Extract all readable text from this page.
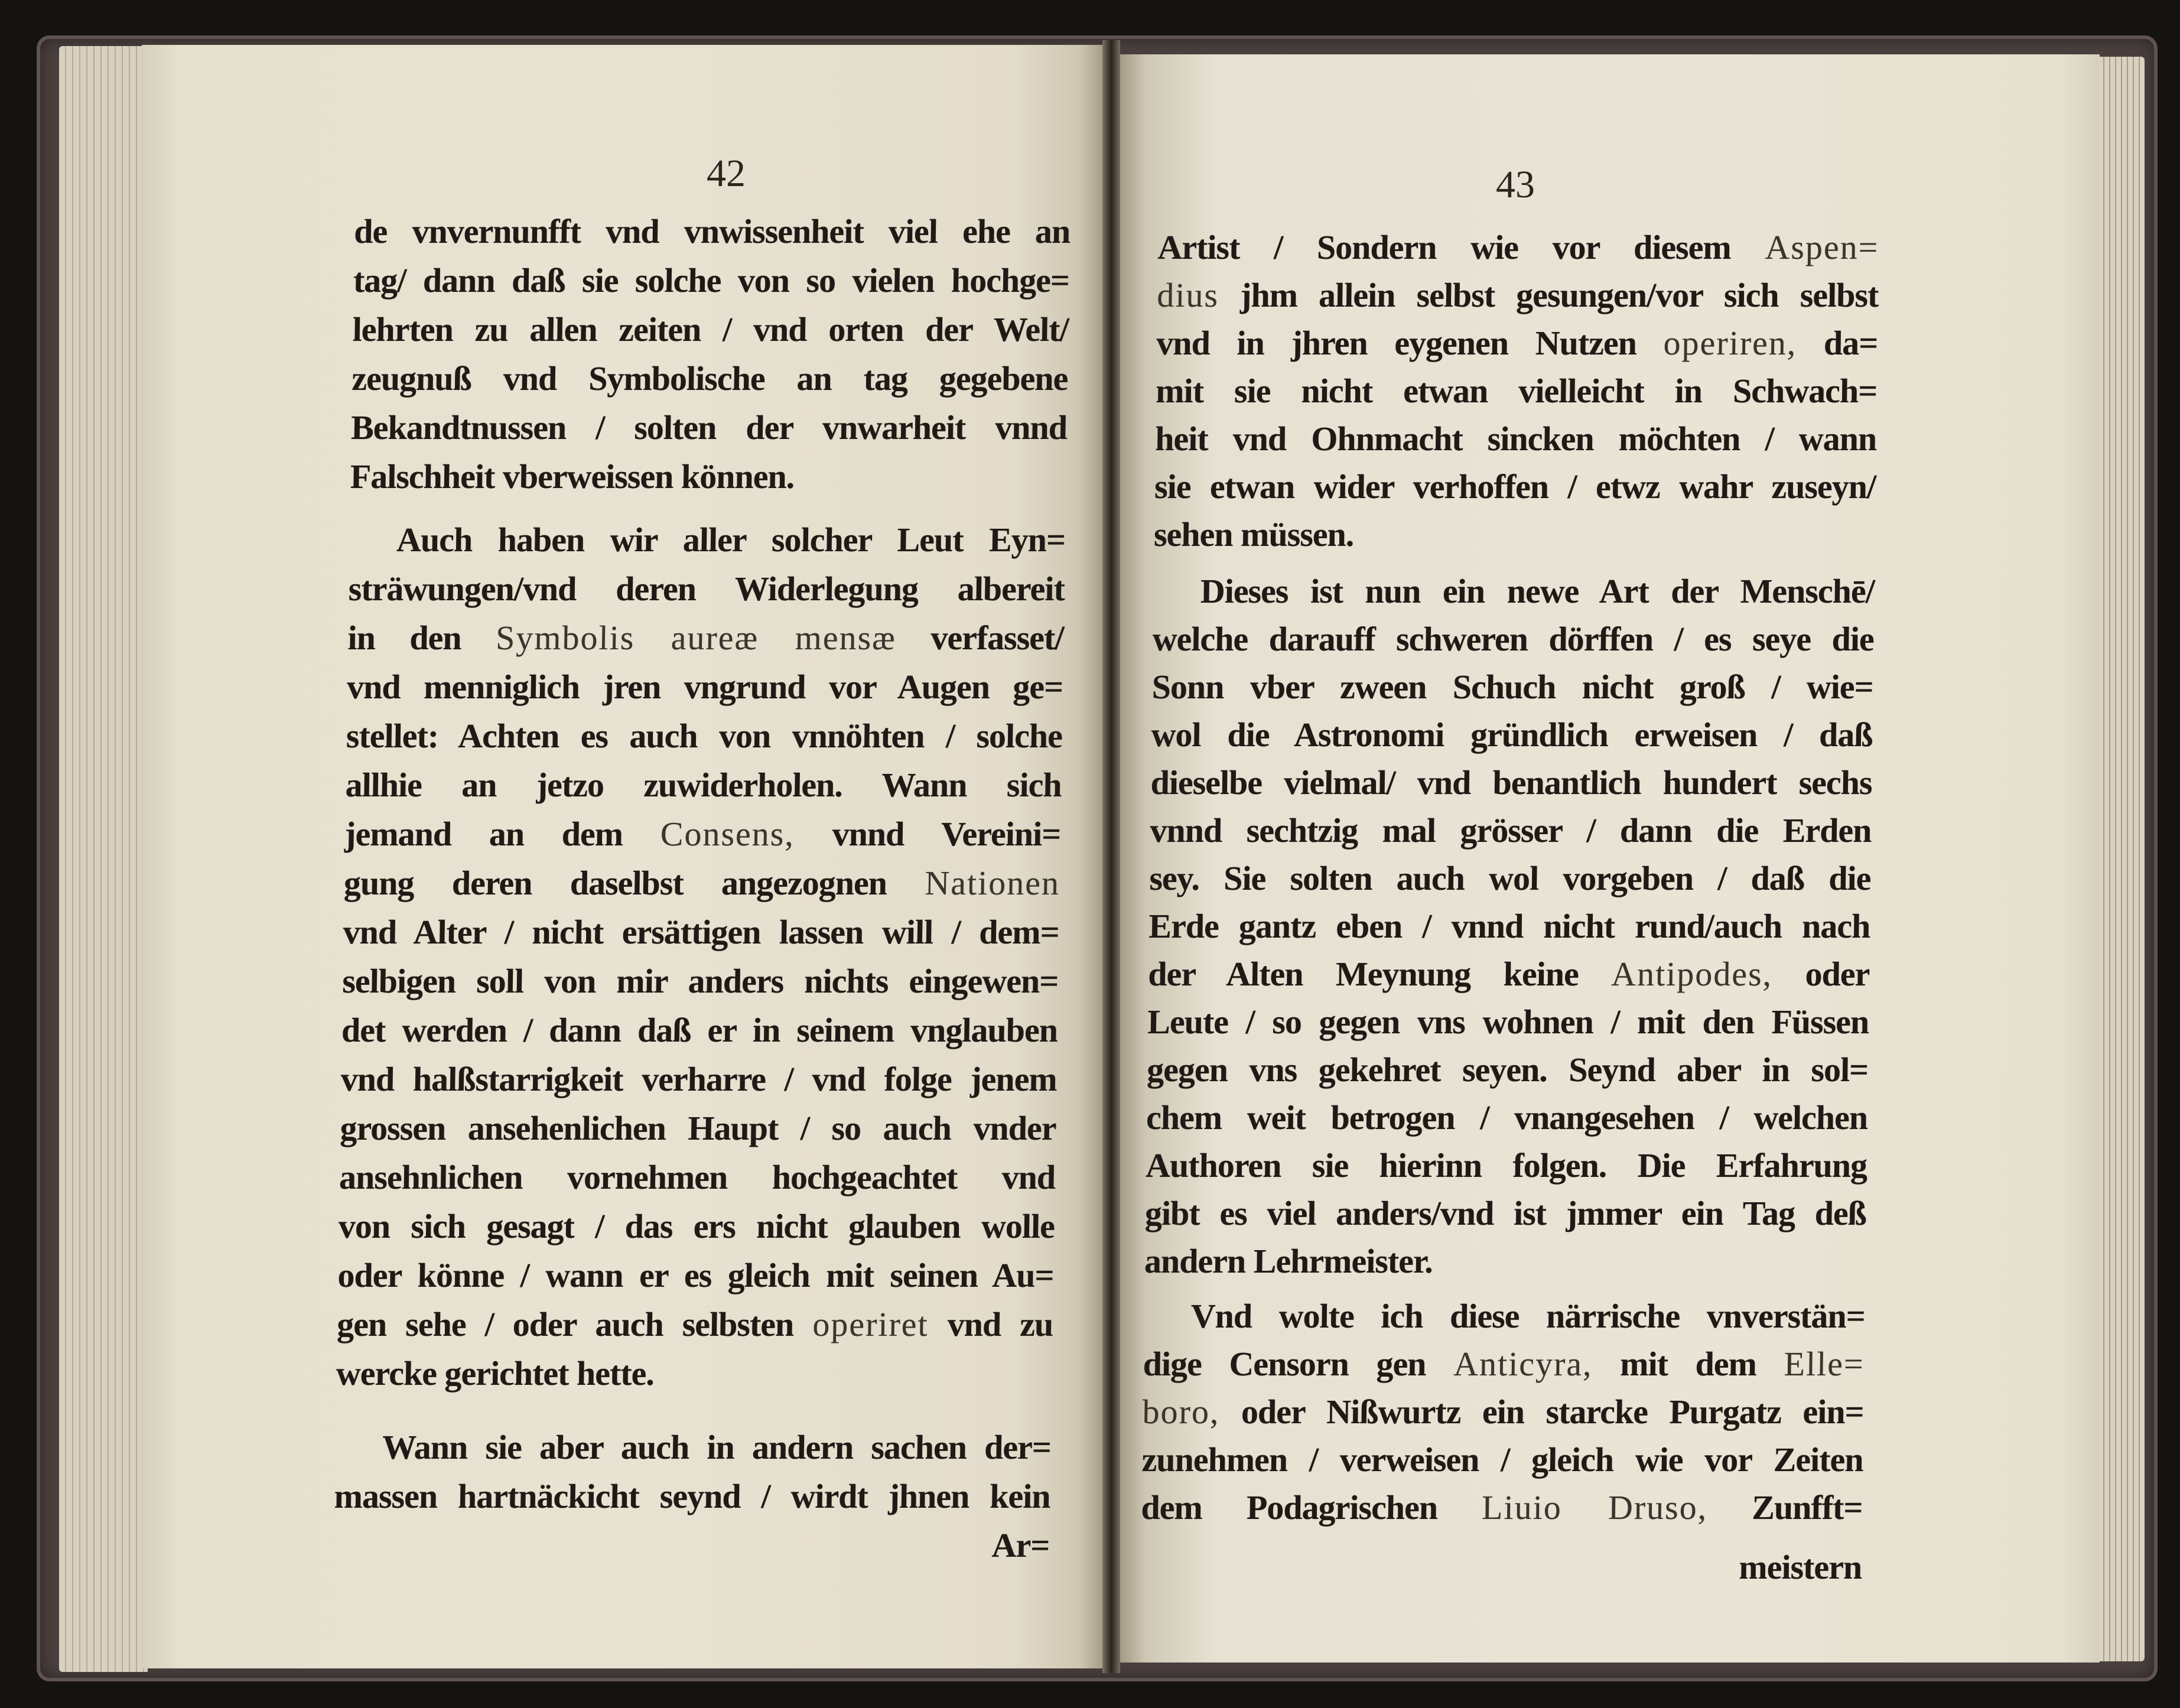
42	43
de vnvernunfft vnd vnwissenheit viel ehe an
tag/ dann daß sie solche von so vielen hochge=
lehrten zu allen zeiten / vnd orten der Welt/
zeugnuß vnd Symbolische an tag gegebene
Bekandtnussen / solten der vnwarheit vnnd
Falschheit vberweissen können.
Auch haben wir aller solcher Leut Eyn=
sträwungen/vnd deren Widerlegung albereit
in den Symbolis aureæ mensæ verfasset/
vnd menniglich jren vngrund vor Augen ge=
stellet: Achten es auch von vnnöhten / solche
allhie an jetzo zuwiderholen. Wann sich
jemand an dem Consens, vnnd Vereini=
gung deren daselbst angezognen Nationen
vnd Alter / nicht ersättigen lassen will / dem=
selbigen soll von mir anders nichts eingewen=
det werden / dann daß er in seinem vnglauben
vnd halßstarrigkeit verharre / vnd folge jenem
grossen ansehenlichen Haupt / so auch vnder
ansehnlichen vornehmen hochgeachtet vnd
von sich gesagt / das ers nicht glauben wolle
oder könne / wann er es gleich mit seinen Au=
gen sehe / oder auch selbsten operiret vnd zu
wercke gerichtet hette.
Wann sie aber auch in andern sachen der=
massen hartnäckicht seynd / wirdt jhnen kein
Ar=
Artist / Sondern wie vor diesem Aspen=
dius jhm allein selbst gesungen/vor sich selbst
vnd in jhren eygenen Nutzen operiren, da=
mit sie nicht etwan vielleicht in Schwach=
heit vnd Ohnmacht sincken möchten / wann
sie etwan wider verhoffen / etwz wahr zuseyn/
sehen müssen.
Dieses ist nun ein newe Art der Menschē/
welche darauff schweren dörffen / es seye die
Sonn vber zween Schuch nicht groß / wie=
wol die Astronomi gründlich erweisen / daß
dieselbe vielmal/ vnd benantlich hundert sechs
vnnd sechtzig mal grösser / dann die Erden
sey. Sie solten auch wol vorgeben / daß die
Erde gantz eben / vnnd nicht rund/auch nach
der Alten Meynung keine Antipodes, oder
Leute / so gegen vns wohnen / mit den Füssen
gegen vns gekehret seyen. Seynd aber in sol=
chem weit betrogen / vnangesehen / welchen
Authoren sie hierinn folgen. Die Erfahrung
gibt es viel anders/vnd ist jmmer ein Tag deß
andern Lehrmeister.
Vnd wolte ich diese närrische vnverstän=
dige Censorn gen Anticyra, mit dem Elle=
boro, oder Nißwurtz ein starcke Purgatz ein=
zunehmen / verweisen / gleich wie vor Zeiten
dem Podagrischen Liuio Druso, Zunfft=
meistern
